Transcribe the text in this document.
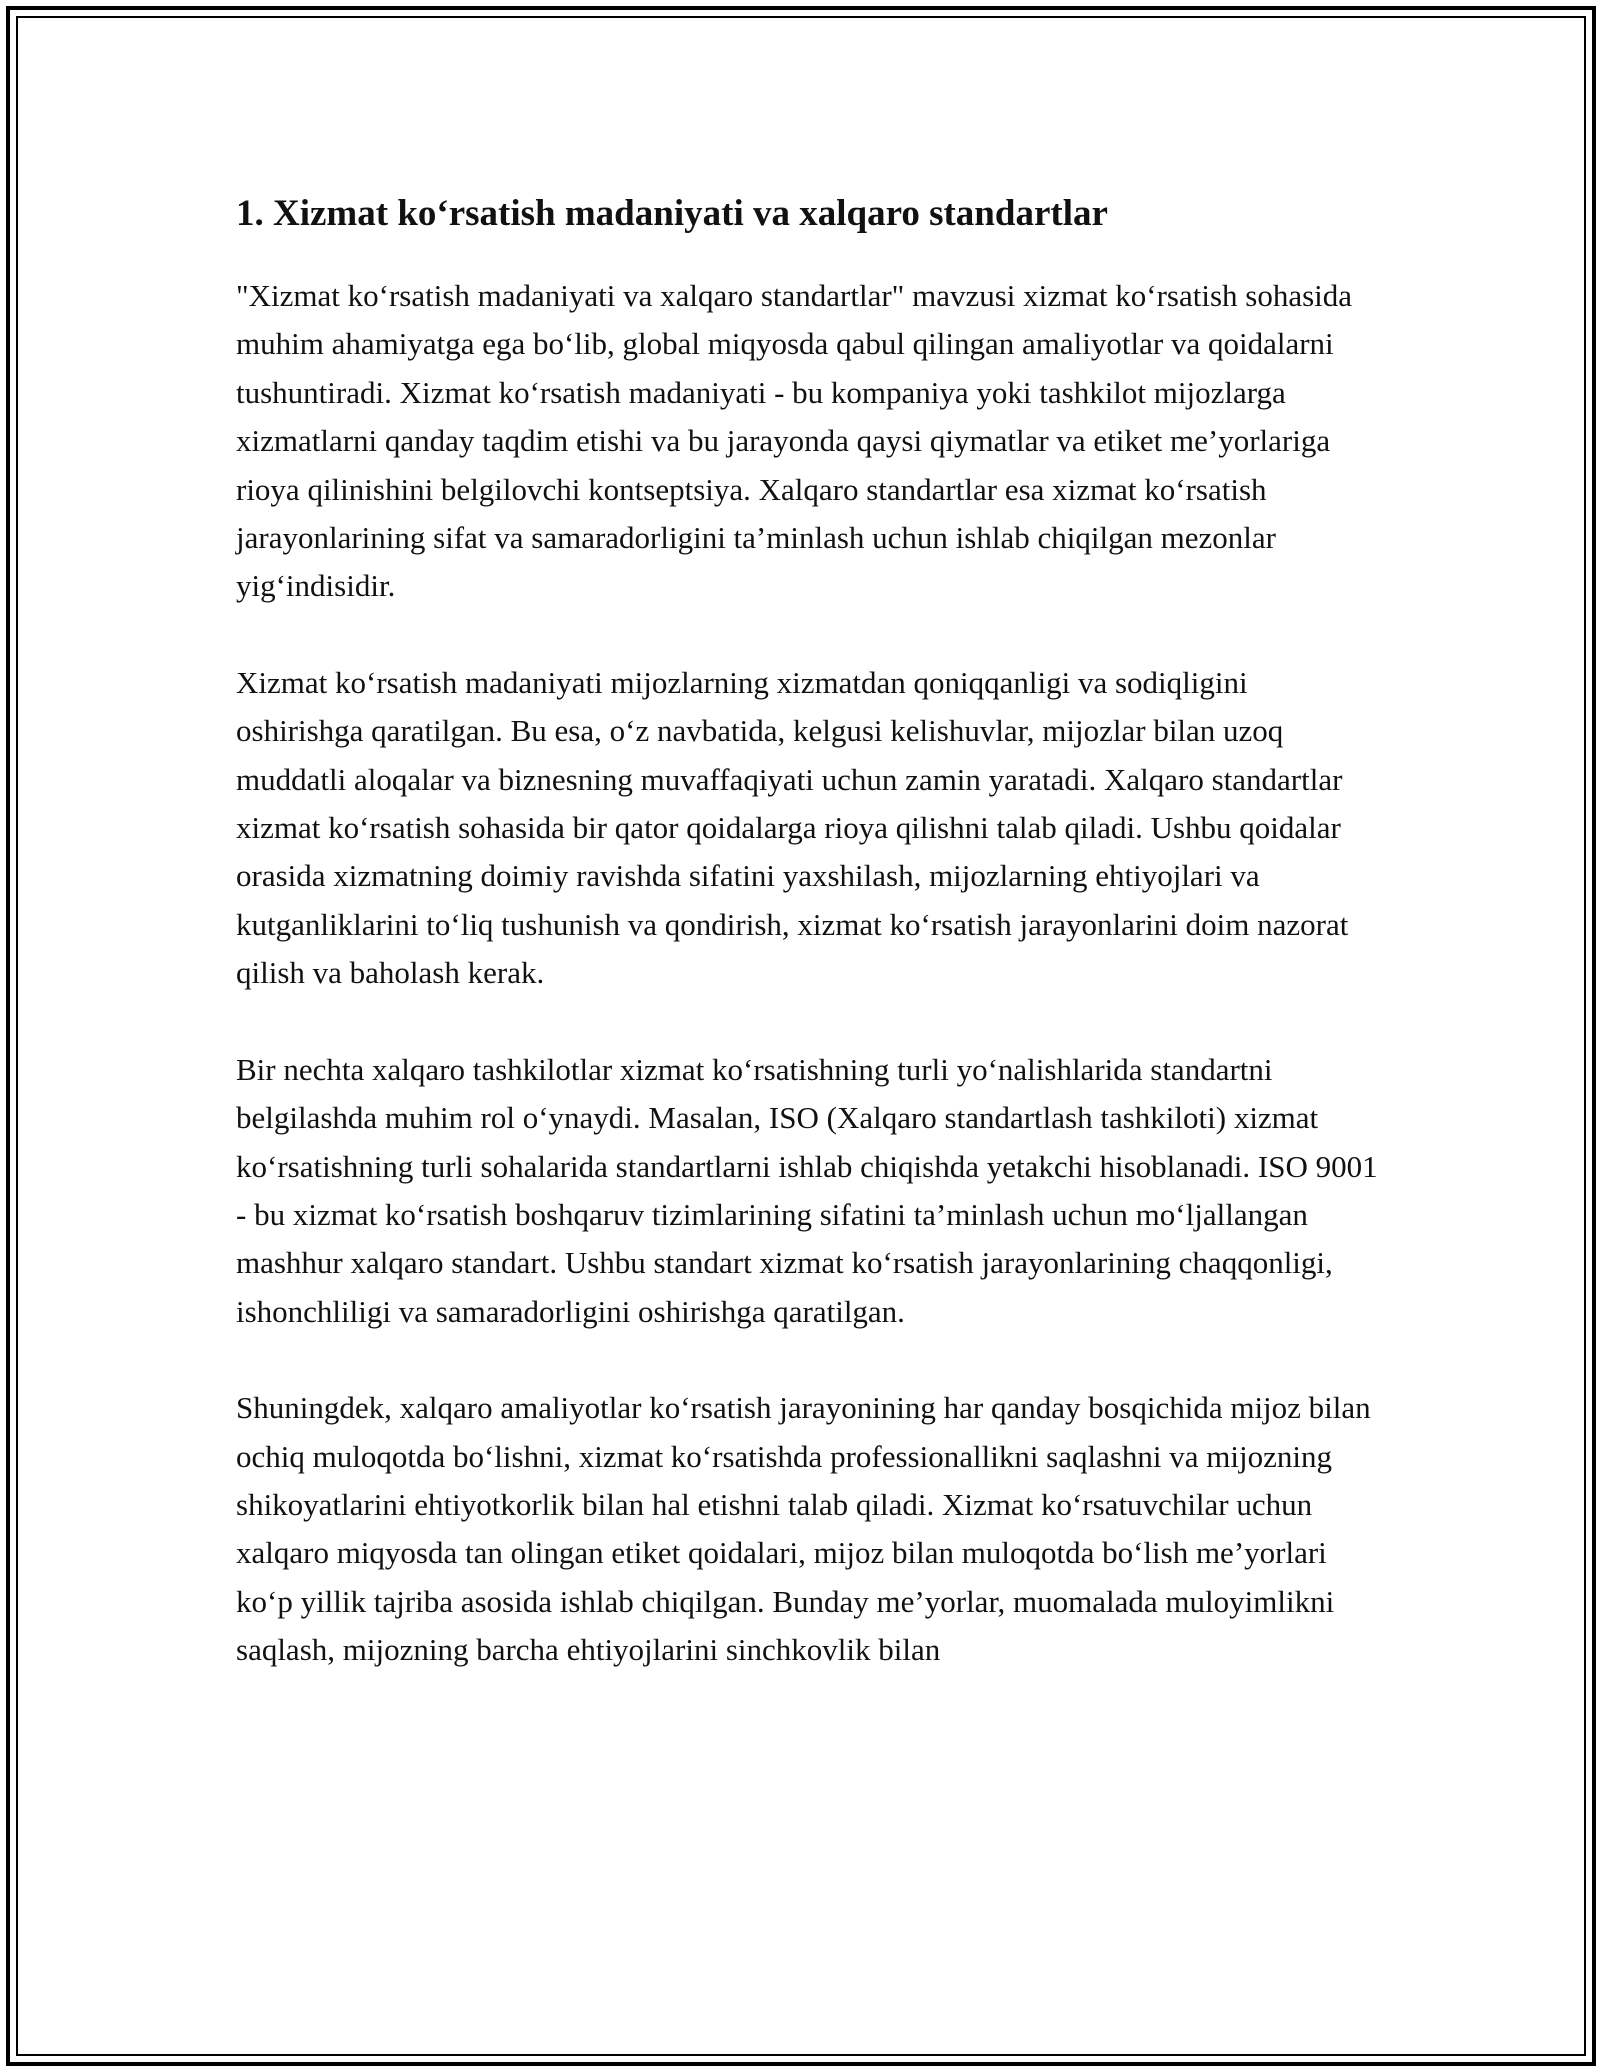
1. Xizmat ko‘rsatish madaniyati va xalqaro standartlar

"Xizmat ko‘rsatish madaniyati va xalqaro standartlar" mavzusi xizmat ko‘rsatish sohasida muhim ahamiyatga ega bo‘lib, global miqyosda qabul qilingan amaliyotlar va qoidalarni tushuntiradi. Xizmat ko‘rsatish madaniyati - bu kompaniya yoki tashkilot mijozlarga xizmatlarni qanday taqdim etishi va bu jarayonda qaysi qiymatlar va etiket me’yorlariga rioya qilinishini belgilovchi kontseptsiya. Xalqaro standartlar esa xizmat ko‘rsatish jarayonlarining sifat va samaradorligini ta’minlash uchun ishlab chiqilgan mezonlar yig‘indisidir.

Xizmat ko‘rsatish madaniyati mijozlarning xizmatdan qoniqqanligi va sodiqligini oshirishga qaratilgan. Bu esa, o‘z navbatida, kelgusi kelishuvlar, mijozlar bilan uzoq muddatli aloqalar va biznesning muvaffaqiyati uchun zamin yaratadi. Xalqaro standartlar xizmat ko‘rsatish sohasida bir qator qoidalarga rioya qilishni talab qiladi. Ushbu qoidalar orasida xizmatning doimiy ravishda sifatini yaxshilash, mijozlarning ehtiyojlari va kutganliklarini to‘liq tushunish va qondirish, xizmat ko‘rsatish jarayonlarini doim nazorat qilish va baholash kerak.

Bir nechta xalqaro tashkilotlar xizmat ko‘rsatishning turli yo‘nalishlarida standartni belgilashda muhim rol o‘ynaydi. Masalan, ISO (Xalqaro standartlash tashkiloti) xizmat ko‘rsatishning turli sohalarida standartlarni ishlab chiqishda yetakchi hisoblanadi. ISO 9001 - bu xizmat ko‘rsatish boshqaruv tizimlarining sifatini ta’minlash uchun mo‘ljallangan mashhur xalqaro standart. Ushbu standart xizmat ko‘rsatish jarayonlarining chaqqonligi, ishonchliligi va samaradorligini oshirishga qaratilgan.

Shuningdek, xalqaro amaliyotlar ko‘rsatish jarayonining har qanday bosqichida mijoz bilan ochiq muloqotda bo‘lishni, xizmat ko‘rsatishda professionallikni saqlashni va mijozning shikoyatlarini ehtiyotkorlik bilan hal etishni talab qiladi. Xizmat ko‘rsatuvchilar uchun xalqaro miqyosda tan olingan etiket qoidalari, mijoz bilan muloqotda bo‘lish me’yorlari ko‘p yillik tajriba asosida ishlab chiqilgan. Bunday me’yorlar, muomalada muloyimlikni saqlash, mijozning barcha ehtiyojlarini sinchkovlik bilan
